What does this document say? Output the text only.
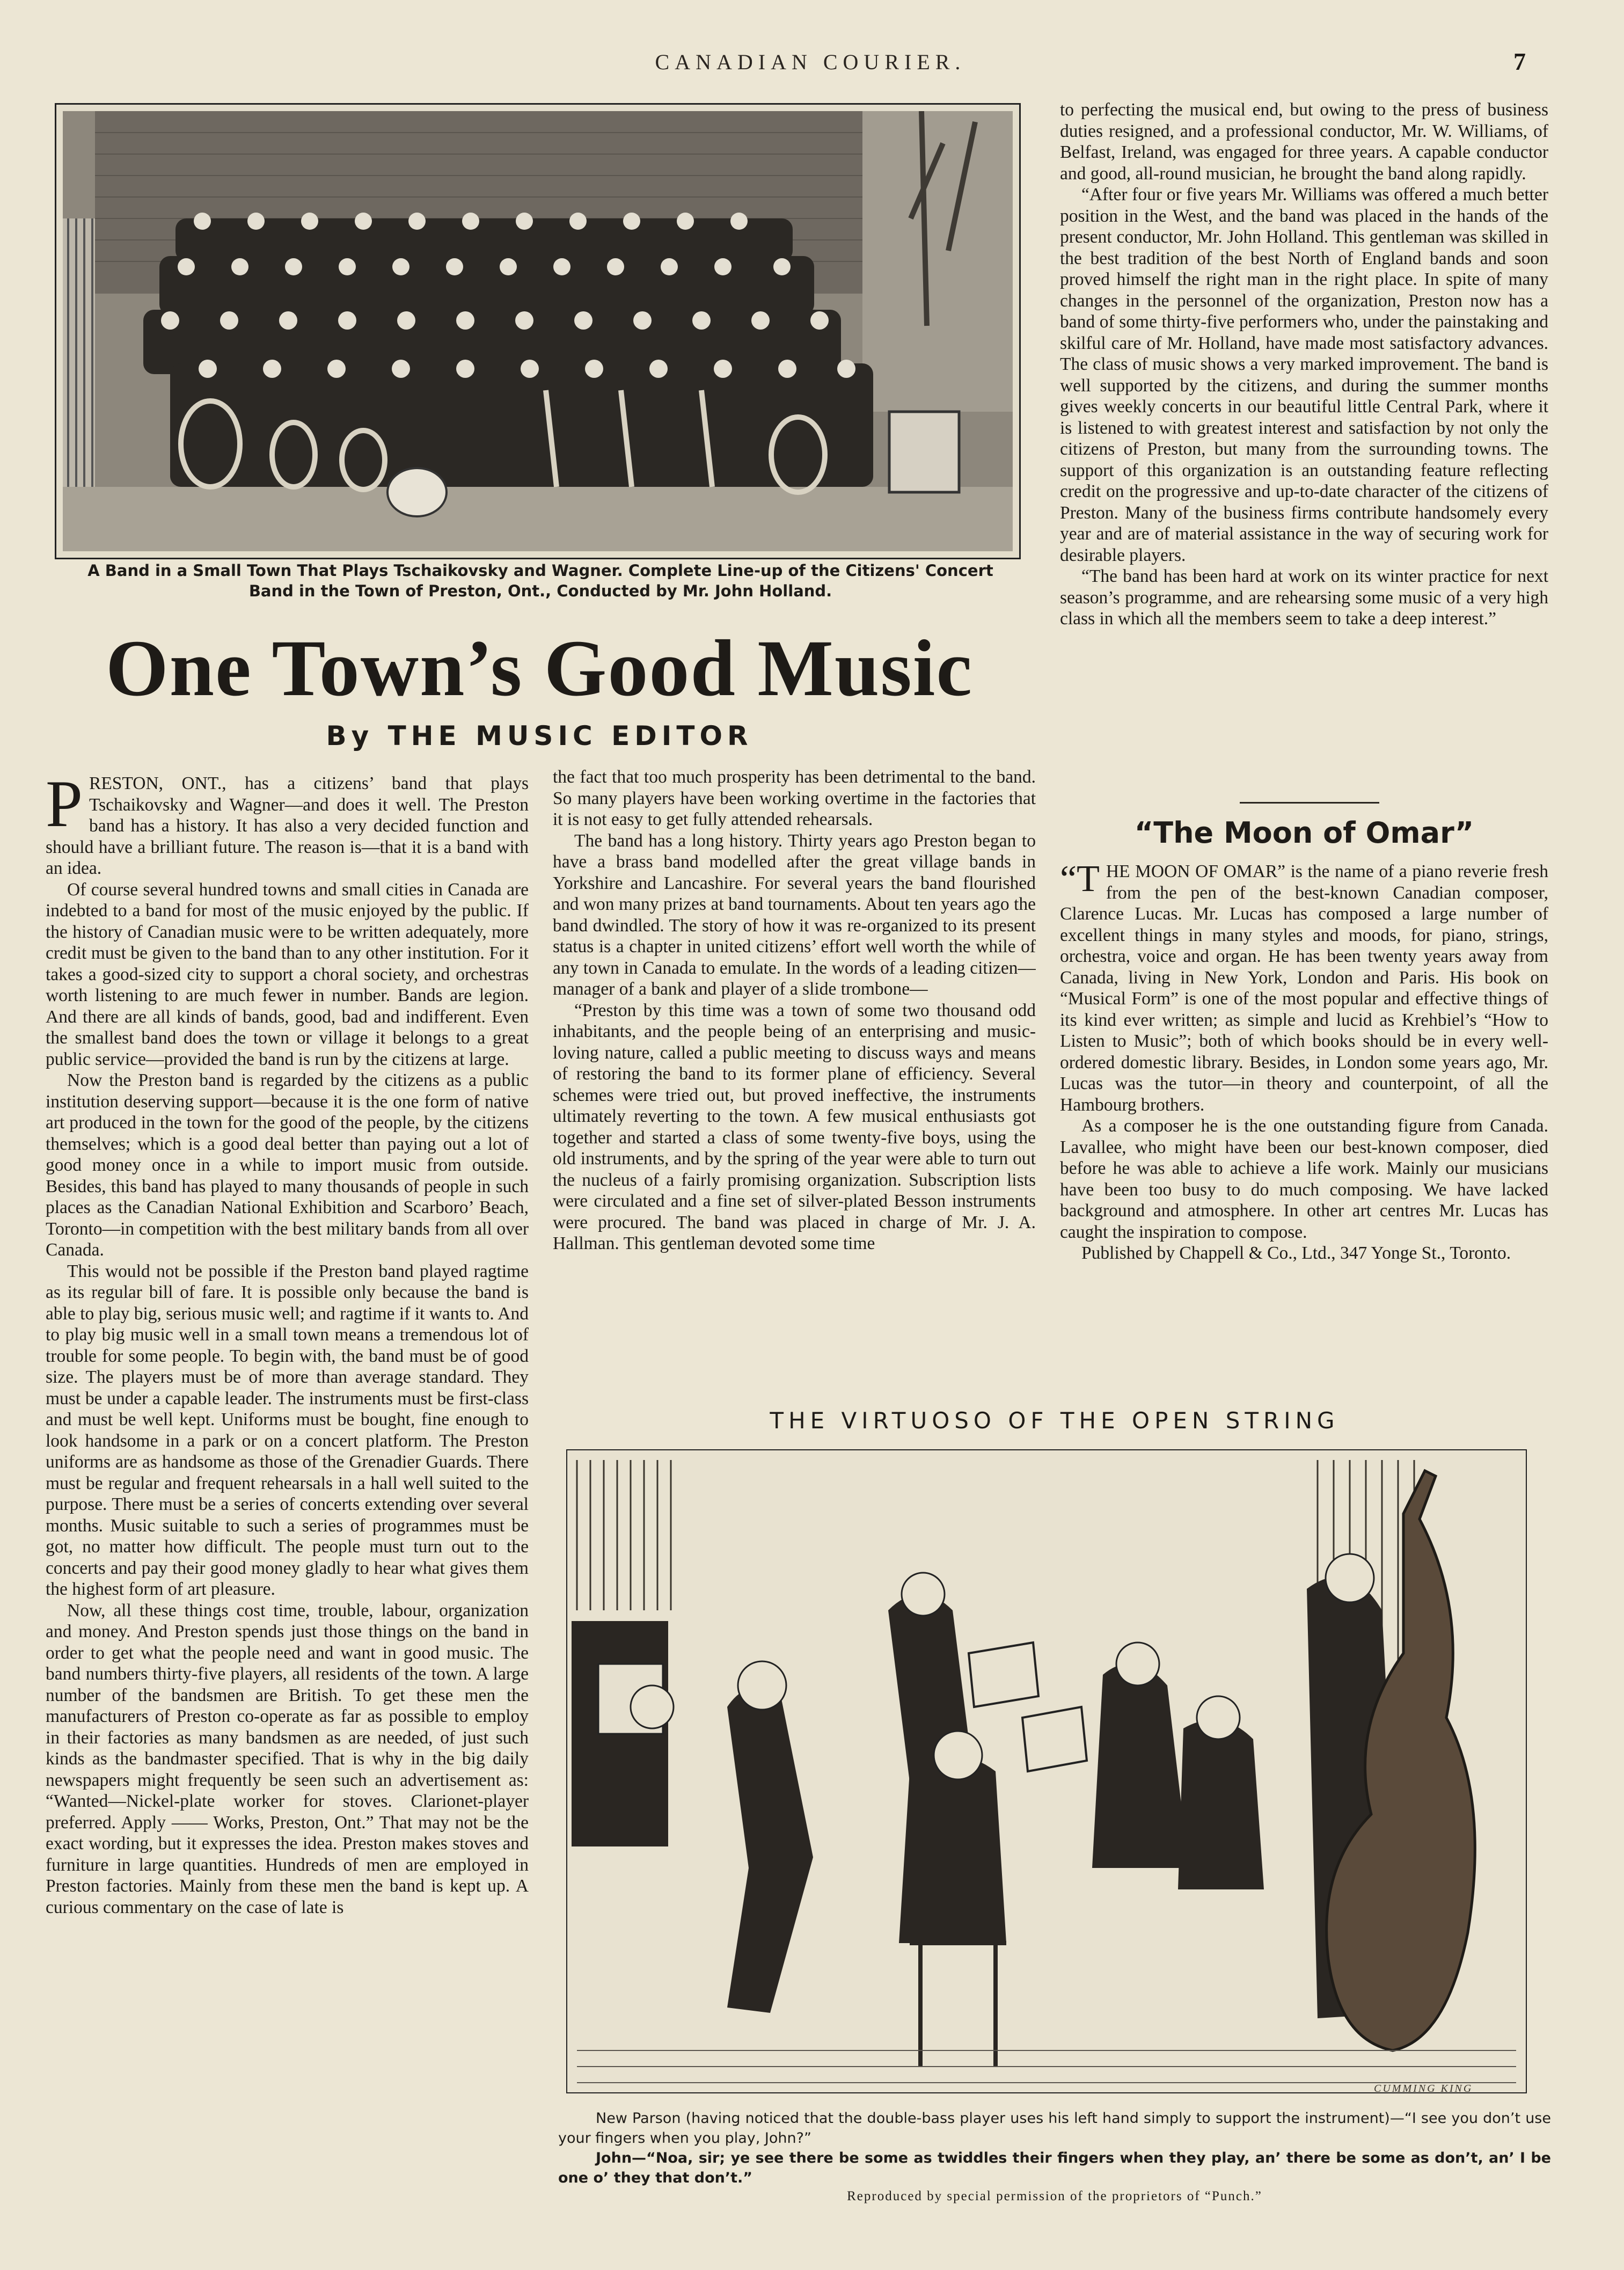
CANADIAN COURIER.	7
A Band in a Small Town That Plays Tschaikovsky and Wagner. Complete Line-up of the Citizens' Concert
Band in the Town of Preston, Ont., Conducted by Mr. John Holland.
One Town’s Good Music
By THE MUSIC EDITOR

PRESTON, ONT., has a citizens’ band that plays Tschaikovsky and Wagner—and does it well. The Preston band has a history. It has also a very decided function and should have a brilliant future. The reason is—that it is a band with an idea.

Of course several hundred towns and small cities in Canada are indebted to a band for most of the music enjoyed by the public. If the history of Canadian music were to be written adequately, more credit must be given to the band than to any other institution. For it takes a good-sized city to support a choral society, and orchestras worth listening to are much fewer in number. Bands are legion. And there are all kinds of bands, good, bad and indifferent. Even the smallest band does the town or village it belongs to a great public service—provided the band is run by the citizens at large.

Now the Preston band is regarded by the citizens as a public institution deserving support—because it is the one form of native art produced in the town for the good of the people, by the citizens themselves; which is a good deal better than paying out a lot of good money once in a while to import music from outside. Besides, this band has played to many thousands of people in such places as the Canadian National Exhibition and Scarboro’ Beach, Toronto—in competition with the best military bands from all over Canada.

This would not be possible if the Preston band played ragtime as its regular bill of fare. It is possible only because the band is able to play big, serious music well; and ragtime if it wants to. And to play big music well in a small town means a tremendous lot of trouble for some people. To begin with, the band must be of good size. The players must be of more than average standard. They must be under a capable leader. The instruments must be first-class and must be well kept. Uniforms must be bought, fine enough to look handsome in a park or on a concert platform. The Preston uniforms are as handsome as those of the Grenadier Guards. There must be regular and frequent rehearsals in a hall well suited to the purpose. There must be a series of concerts extending over several months. Music suitable to such a series of programmes must be got, no matter how difficult. The people must turn out to the concerts and pay their good money gladly to hear what gives them the highest form of art pleasure.

Now, all these things cost time, trouble, labour, organization and money. And Preston spends just those things on the band in order to get what the people need and want in good music. The band numbers thirty-five players, all residents of the town. A large number of the bandsmen are British. To get these men the manufacturers of Preston co-operate as far as possible to employ in their factories as many bandsmen as are needed, of just such kinds as the bandmaster specified. That is why in the big daily newspapers might frequently be seen such an advertisement as: “Wanted—Nickel-plate worker for stoves. Clarionet-player preferred. Apply —— Works, Preston, Ont.” That may not be the exact wording, but it expresses the idea. Preston makes stoves and furniture in large quantities. Hundreds of men are employed in Preston factories. Mainly from these men the band is kept up. A curious commentary on the case of late is

the fact that too much prosperity has been detrimental to the band. So many players have been working overtime in the factories that it is not easy to get fully attended rehearsals.

The band has a long history. Thirty years ago Preston began to have a brass band modelled after the great village bands in Yorkshire and Lancashire. For several years the band flourished and won many prizes at band tournaments. About ten years ago the band dwindled. The story of how it was re-organized to its present status is a chapter in united citizens’ effort well worth the while of any town in Canada to emulate. In the words of a leading citizen—manager of a bank and player of a slide trombone—

“Preston by this time was a town of some two thousand odd inhabitants, and the people being of an enterprising and music-loving nature, called a public meeting to discuss ways and means of restoring the band to its former plane of efficiency. Several schemes were tried out, but proved ineffective, the instruments ultimately reverting to the town. A few musical enthusiasts got together and started a class of some twenty-five boys, using the old instruments, and by the spring of the year were able to turn out the nucleus of a fairly promising organization. Subscription lists were circulated and a fine set of silver-plated Besson instruments were procured. The band was placed in charge of Mr. J. A. Hallman. This gentleman devoted some time

to perfecting the musical end, but owing to the press of business duties resigned, and a professional conductor, Mr. W. Williams, of Belfast, Ireland, was engaged for three years. A capable conductor and good, all-round musician, he brought the band along rapidly.

“After four or five years Mr. Williams was offered a much better position in the West, and the band was placed in the hands of the present conductor, Mr. John Holland. This gentleman was skilled in the best tradition of the best North of England bands and soon proved himself the right man in the right place. In spite of many changes in the personnel of the organization, Preston now has a band of some thirty-five performers who, under the painstaking and skilful care of Mr. Holland, have made most satisfactory advances. The class of music shows a very marked improvement. The band is well supported by the citizens, and during the summer months gives weekly concerts in our beautiful little Central Park, where it is listened to with greatest interest and satisfaction by not only the citizens of Preston, but many from the surrounding towns. The support of this organization is an outstanding feature reflecting credit on the progressive and up-to-date character of the citizens of Preston. Many of the business firms contribute handsomely every year and are of material assistance in the way of securing work for desirable players.

“The band has been hard at work on its winter practice for next season’s programme, and are rehearsing some music of a very high class in which all the members seem to take a deep interest.”

“The Moon of Omar”

“T HE MOON OF OMAR” is the name of a piano reverie fresh from the pen of the best-known Canadian composer, Clarence Lucas. Mr. Lucas has composed a large number of excellent things in many styles and moods, for piano, strings, orchestra, voice and organ. He has been twenty years away from Canada, living in New York, London and Paris. His book on “Musical Form” is one of the most popular and effective things of its kind ever written; as simple and lucid as Krehbiel’s “How to Listen to Music”; both of which books should be in every well-ordered domestic library. Besides, in London some years ago, Mr. Lucas was the tutor—in theory and counterpoint, of all the Hambourg brothers.

As a composer he is the one outstanding figure from Canada. Lavallee, who might have been our best-known composer, died before he was able to achieve a life work. Mainly our musicians have been too busy to do much composing. We have lacked background and atmosphere. In other art centres Mr. Lucas has caught the inspiration to compose.

Published by Chappell & Co., Ltd., 347 Yonge St., Toronto.

THE VIRTUOSO OF THE OPEN STRING
CUMMING KING

New Parson (having noticed that the double-bass player uses his left hand simply to support the instrument)—“I see you don’t use your fingers when you play, John?”

John—“Noa, sir; ye see there be some as twiddles their fingers when they play, an’ there be some as don’t, an’ I be one o’ they that don’t.”

Reproduced by special permission of the proprietors of “Punch.”
